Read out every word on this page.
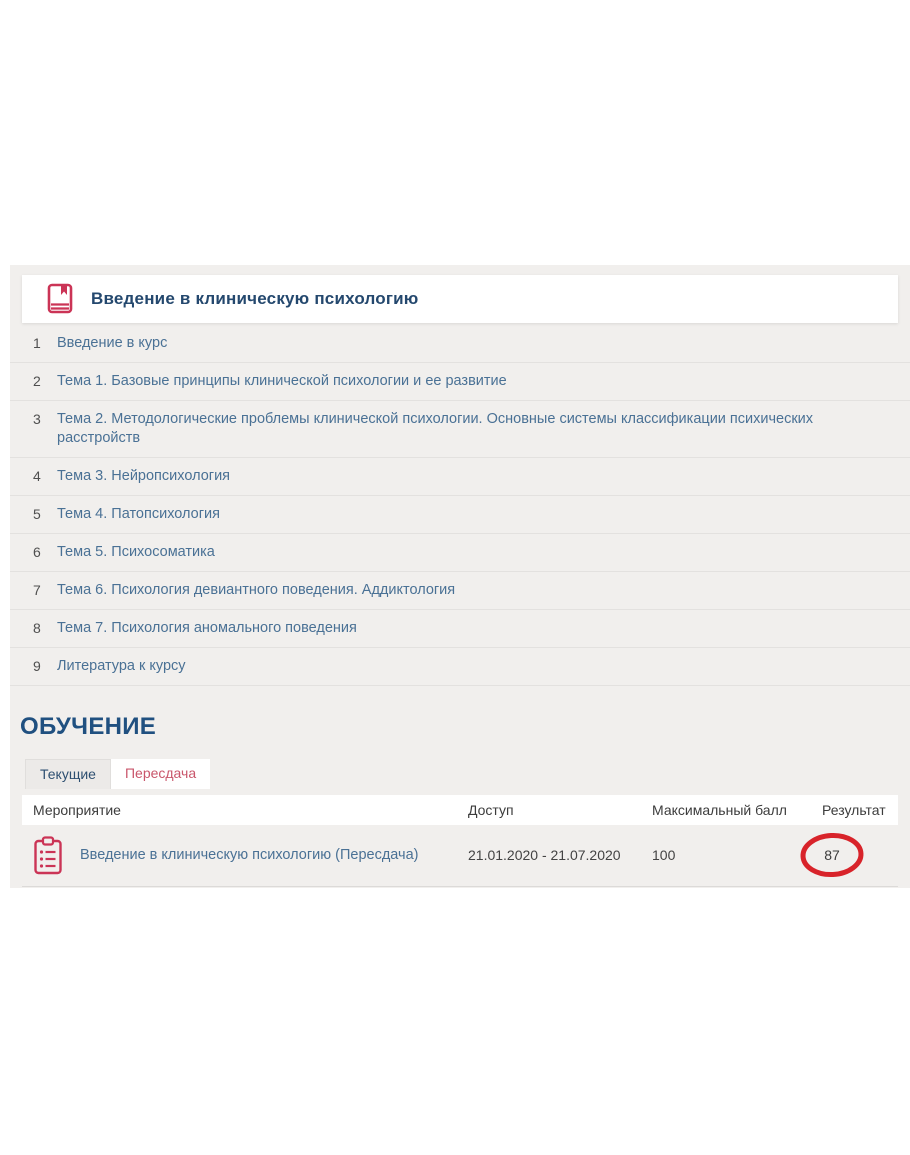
Введение в клиническую психологию
1	Введение в курс
2	Тема 1. Базовые принципы клинической психологии и ее развитие
3	Тема 2. Методологические проблемы клинической психологии. Основные системы классификации психических расстройств
4	Тема 3. Нейропсихология
5	Тема 4. Патопсихология
6	Тема 5. Психосоматика
7	Тема 6. Психология девиантного поведения. Аддиктология
8	Тема 7. Психология аномального поведения
9	Литература к курсу
ОБУЧЕНИЕ
Текущие	Пересдача
Мероприятие	Доступ	Максимальный балл	Результат
Введение в клиническую психологию (Пересдача)	21.01.2020 - 21.07.2020 100	87
